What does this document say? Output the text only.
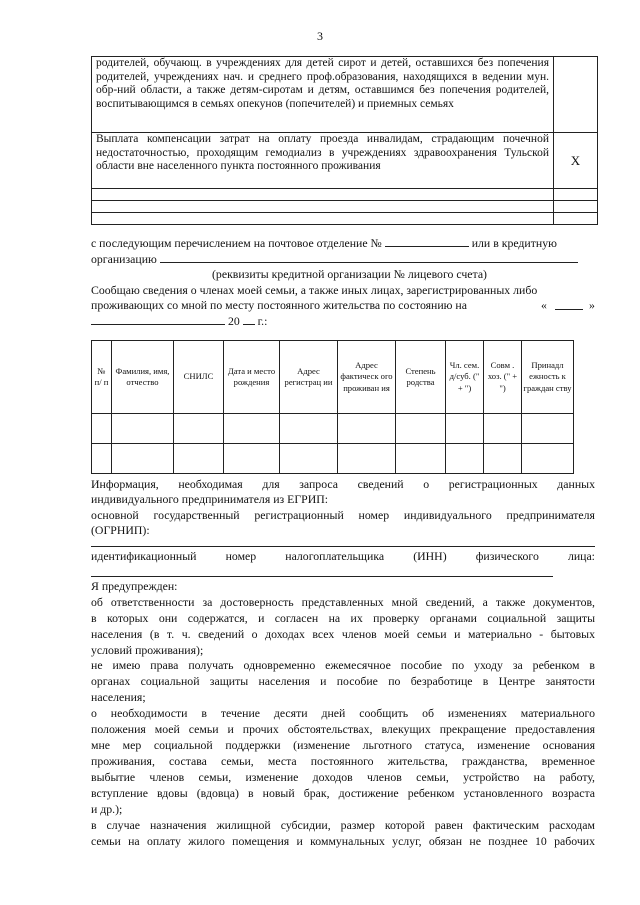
3
родителей, обучающ. в учреждениях для детей сирот и детей, оставшихся без попечения родителей, учреждениях нач. и среднего проф.образования, находящихся в ведении мун. обр-ний области, а также детям-сиротам и детям, оставшимся без попечения родителей, воспитывающимся в семьях опекунов (попечителей) и приемных семьях	
Выплата компенсации затрат на оплату проезда инвалидам, страдающим почечной недостаточностью, проходящим гемодиализ в учреждениях здравоохранения Тульской области вне населенного пункта постоянного проживания	X

с последующим перечислением на почтовое отделение №	или в кредитную
организацию
(реквизиты кредитной организации № лицевого счета)
Сообщаю сведения о членах моей семьи, а также иных лицах, зарегистрированных либо
проживающих со мной по месту постоянного жительства по состоянию на	«	»
20 г.:
№ п/ п	Фамилия, имя, отчество	СНИЛС	Дата и место рождения	Адрес регистрац ии	Адрес фактическ ого проживан ия	Степень родства	Чл. сем. д/суб. (" + ")	Совм . хоз. (" + ")	Принадл ежность к граждан ству

Информация, необходимая для запроса сведений о регистрационных данных
индивидуального предпринимателя из ЕГРИП:
основной государственный регистрационный номер индивидуального предпринимателя
(ОГРНИП):
идентификационный номер налогоплательщика (ИНН) физического лица:
Я предупрежден:
об ответственности за достоверность представленных мной сведений, а также документов,
в которых они содержатся, и согласен на их проверку органами социальной защиты
населения (в т. ч. сведений о доходах всех членов моей семьи и материально - бытовых
условий проживания);
не имею права получать одновременно ежемесячное пособие по уходу за ребенком в
органах социальной защиты населения и пособие по безработице в Центре занятости
населения;
о необходимости в течение десяти дней сообщить об изменениях материального
положения моей семьи и прочих обстоятельствах, влекущих прекращение предоставления
мне мер социальной поддержки (изменение льготного статуса, изменение основания
проживания, состава семьи, места постоянного жительства, гражданства, временное
выбытие членов семьи, изменение доходов членов семьи, устройство на работу,
вступление вдовы (вдовца) в новый брак, достижение ребенком установленного возраста
и др.);
в случае назначения жилищной субсидии, размер которой равен фактическим расходам
семьи на оплату жилого помещения и коммунальных услуг, обязан не позднее 10 рабочих
